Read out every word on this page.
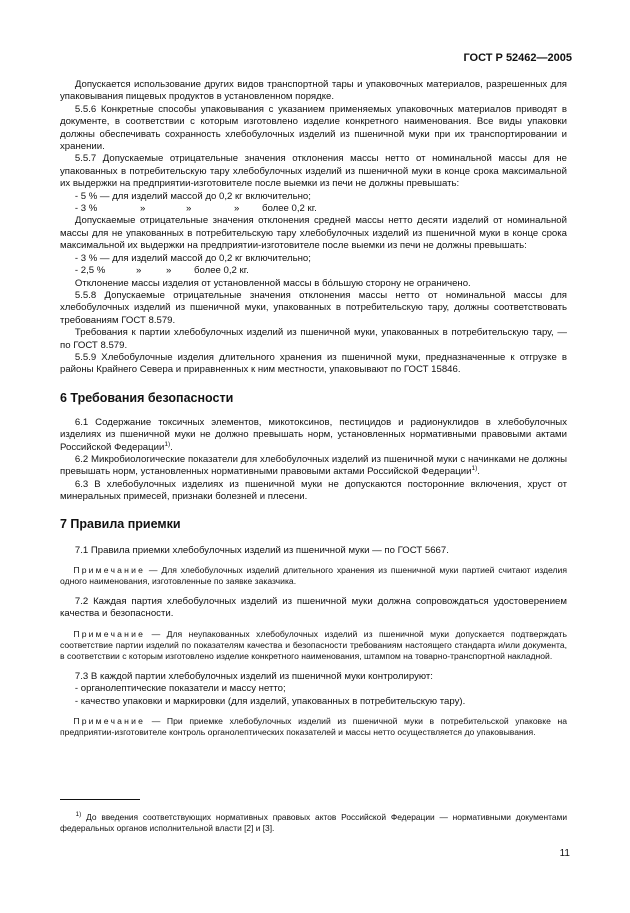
ГОСТ Р 52462—2005

Допускается использование других видов транспортной тары и упаковочных материалов, разрешенных для упаковывания пищевых продуктов в установленном порядке.

5.5.6 Конкретные способы упаковывания с указанием применяемых упаковочных материалов приводят в документе, в соответствии с которым изготовлено изделие конкретного наименования. Все виды упаковки должны обеспечивать сохранность хлебобулочных изделий из пшеничной муки при их транспортировании и хранении.

5.5.7 Допускаемые отрицательные значения отклонения массы нетто от номинальной массы для не упакованных в потребительскую тару хлебобулочных изделий из пшеничной муки в конце срока максимальной их выдержки на предприятии-изготовителе после выемки из печи не должны превышать:

- 5 % — для изделий массой до 0,2 кг включительно;

- 3 %	»	»	» более 0,2 кг.

Допускаемые отрицательные значения отклонения средней массы нетто десяти изделий от номинальной массы для не упакованных в потребительскую тару хлебобулочных изделий из пшеничной муки в конце срока максимальной их выдержки на предприятии-изготовителе после выемки из печи не должны превышать:

- 3 % — для изделий массой до 0,2 кг включительно;

- 2,5 %	»	» более 0,2 кг.

Отклонение массы изделия от установленной массы в бо́льшую сторону не ограничено.

5.5.8 Допускаемые отрицательные значения отклонения массы нетто от номинальной массы для хлебобулочных изделий из пшеничной муки, упакованных в потребительскую тару, должны соответствовать требованиям ГОСТ 8.579.

Требования к партии хлебобулочных изделий из пшеничной муки, упакованных в потребительскую тару, — по ГОСТ 8.579.

5.5.9 Хлебобулочные изделия длительного хранения из пшеничной муки, предназначенные к отгрузке в районы Крайнего Севера и приравненных к ним местности, упаковывают по ГОСТ 15846.

6 Требования безопасности

6.1 Содержание токсичных элементов, микотоксинов, пестицидов и радионуклидов в хлебобулочных изделиях из пшеничной муки не должно превышать норм, установленных нормативными правовыми актами Российской Федерации$^{1)}$.

6.2 Микробиологические показатели для хлебобулочных изделий из пшеничной муки с начинками не должны превышать норм, установленных нормативными правовыми актами Российской Федерации$^{1)}$.

6.3 В хлебобулочных изделиях из пшеничной муки не допускаются посторонние включения, хруст от минеральных примесей, признаки болезней и плесени.

7 Правила приемки

7.1 Правила приемки хлебобулочных изделий из пшеничной муки — по ГОСТ 5667.

Примечание — Для хлебобулочных изделий длительного хранения из пшеничной муки партией считают изделия одного наименования, изготовленные по заявке заказчика.

7.2 Каждая партия хлебобулочных изделий из пшеничной муки должна сопровождаться удостоверением качества и безопасности.

Примечание — Для неупакованных хлебобулочных изделий из пшеничной муки допускается подтверждать соответствие партии изделий по показателям качества и безопасности требованиям настоящего стандарта и/или документа, в соответствии с которым изготовлено изделие конкретного наименования, штампом на товарно-транспортной накладной.

7.3 В каждой партии хлебобулочных изделий из пшеничной муки контролируют:

- органолептические показатели и массу нетто;

- качество упаковки и маркировки (для изделий, упакованных в потребительскую тару).

Примечание — При приемке хлебобулочных изделий из пшеничной муки в потребительской упаковке на предприятии-изготовителе контроль органолептических показателей и массы нетто осуществляется до упаковывания.

$^{1)}$ До введения соответствующих нормативных правовых актов Российской Федерации — нормативными документами федеральных органов исполнительной власти [2] и [3].

11
